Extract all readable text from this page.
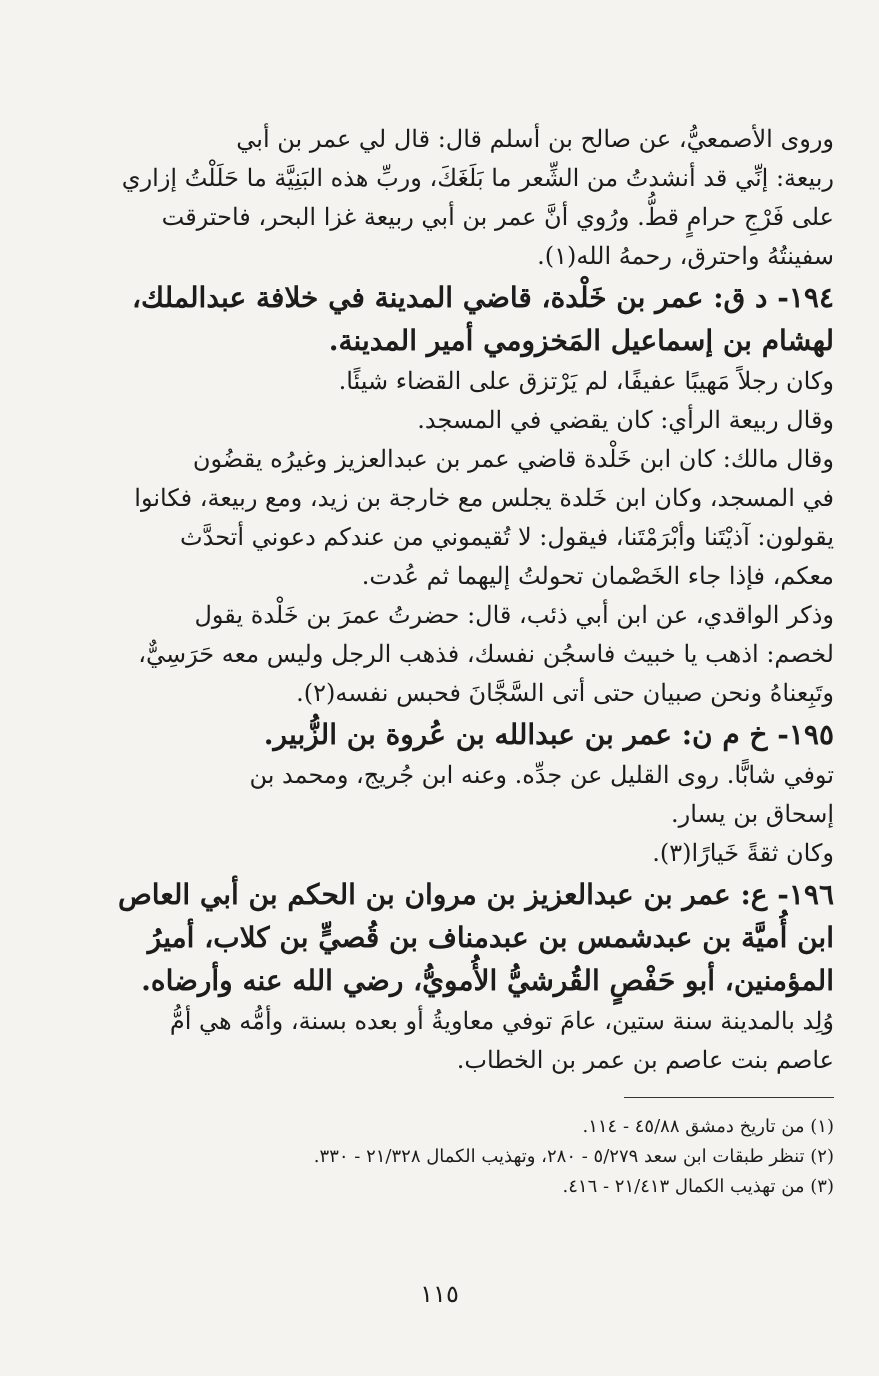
وروى الأصمعيُّ، عن صالح بن أسلم قال: قال لي عمر بن أبي

ربيعة: إنِّي قد أنشدتُ من الشِّعر ما بَلَغَكَ، وربِّ هذه البَنِيَّة ما حَلَلْتُ إزاري

على فَرْجِ حرامٍ قطُّ. ورُوي أنَّ عمر بن أبي ربيعة غزا البحر، فاحترقت

سفينتُهُ واحترق، رحمهُ الله(١).

١٩٤- د ق: عمر بن خَلْدة، قاضي المدينة في خلافة عبدالملك،

لهشام بن إسماعيل المَخزومي أمير المدينة.

وكان رجلاً مَهيبًا عفيفًا، لم يَرْتزق على القضاء شيئًا.

وقال ربيعة الرأي: كان يقضي في المسجد.

وقال مالك: كان ابن خَلْدة قاضي عمر بن عبدالعزيز وغيرُه يقضُون

في المسجد، وكان ابن خَلدة يجلس مع خارجة بن زيد، ومع ربيعة، فكانوا

يقولون: آذيْتَنا وأبْرَمْتَنا، فيقول: لا تُقيموني من عندكم دعوني أتحدَّث

معكم، فإذا جاء الخَصْمان تحولتُ إليهما ثم عُدت.

وذكر الواقدي، عن ابن أبي ذئب، قال: حضرتُ عمرَ بن خَلْدة يقول

لخصم: اذهب يا خبيث فاسجُن نفسك، فذهب الرجل وليس معه حَرَسِيٌّ،

وتَبِعناهُ ونحن صبيان حتى أتى السَّجَّانَ فحبس نفسه(٢).

١٩٥- خ م ن: عمر بن عبدالله بن عُروة بن الزُّبير.

توفي شابًّا. روى القليل عن جدِّه. وعنه ابن جُريج، ومحمد بن

إسحاق بن يسار.

وكان ثقةً خَيارًا(٣).

١٩٦- ع: عمر بن عبدالعزيز بن مروان بن الحكم بن أبي العاص

ابن أُميَّة بن عبدشمس بن عبدمناف بن قُصيٍّ بن كلاب، أميرُ

المؤمنين، أبو حَفْصٍ القُرشيُّ الأُمويُّ، رضي الله عنه وأرضاه.

وُلِد بالمدينة سنة ستين، عامَ توفي معاويةُ أو بعده بسنة، وأمُّه هي أمُّ

عاصم بنت عاصم بن عمر بن الخطاب.

(١) من تاريخ دمشق ٤٥/٨٨ - ١١٤.

(٢) تنظر طبقات ابن سعد ٥/٢٧٩ - ٢٨٠، وتهذيب الكمال ٢١/٣٢٨ - ٣٣٠.

(٣) من تهذيب الكمال ٢١/٤١٣ - ٤١٦.

١١٥
